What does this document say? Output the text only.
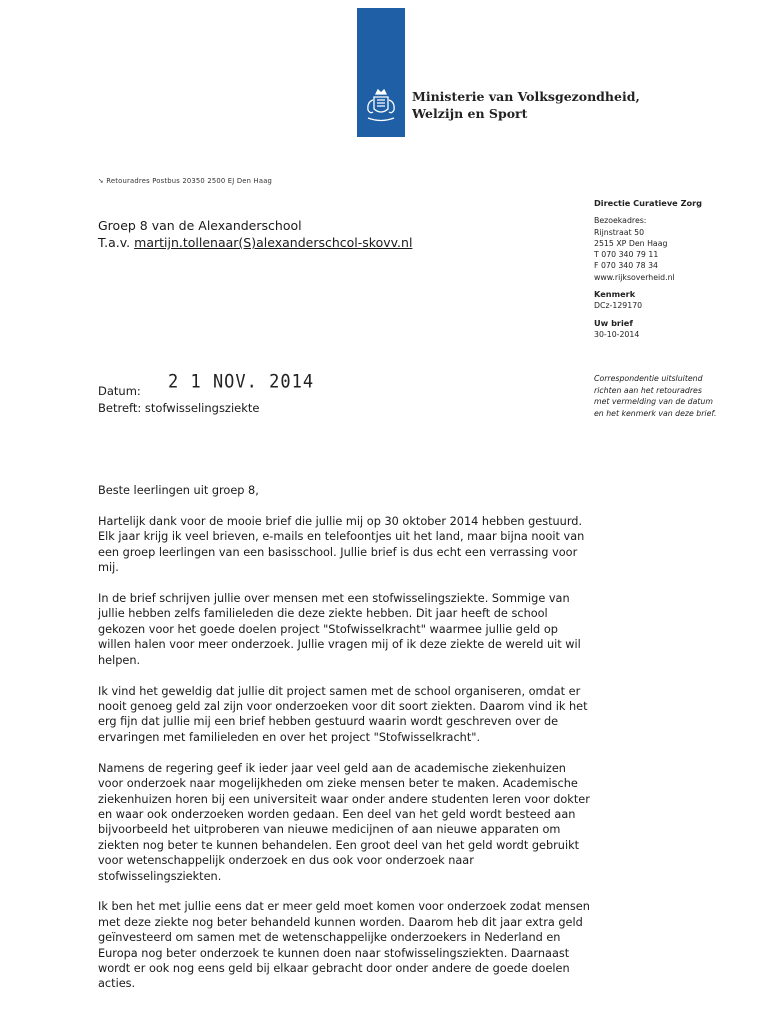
Ministerie van Volksgezondheid,
Welzijn en Sport
➘ Retouradres Postbus 20350 2500 EJ Den Haag
Groep 8 van de Alexanderschool
T.a.v. martijn.tollenaar(S)alexanderschcol-skovv.nl
Directie Curatieve Zorg
Bezoekadres:
Rijnstraat 50
2515 XP Den Haag
T 070 340 79 11
F 070 340 78 34
www.rijksoverheid.nl
Kenmerk
DCz-129170
Uw brief
30-10-2014
Correspondentie uitsluitend richten aan het retouradres met vermelding van de datum en het kenmerk van deze brief.
Datum:	2 1 NOV. 2014
Betreft: stofwisselingsziekte

Beste leerlingen uit groep 8,

Hartelijk dank voor de mooie brief die jullie mij op 30 oktober 2014 hebben gestuurd. Elk jaar krijg ik veel brieven, e-mails en telefoontjes uit het land, maar bijna nooit van een groep leerlingen van een basisschool. Jullie brief is dus echt een verrassing voor mij.

In de brief schrijven jullie over mensen met een stofwisselingsziekte. Sommige van jullie hebben zelfs familieleden die deze ziekte hebben. Dit jaar heeft de school gekozen voor het goede doelen project "Stofwisselkracht" waarmee jullie geld op willen halen voor meer onderzoek. Jullie vragen mij of ik deze ziekte de wereld uit wil helpen.

Ik vind het geweldig dat jullie dit project samen met de school organiseren, omdat er nooit genoeg geld zal zijn voor onderzoeken voor dit soort ziekten. Daarom vind ik het erg fijn dat jullie mij een brief hebben gestuurd waarin wordt geschreven over de ervaringen met familieleden en over het project "Stofwisselkracht".

Namens de regering geef ik ieder jaar veel geld aan de academische ziekenhuizen voor onderzoek naar mogelijkheden om zieke mensen beter te maken. Academische ziekenhuizen horen bij een universiteit waar onder andere studenten leren voor dokter en waar ook onderzoeken worden gedaan. Een deel van het geld wordt besteed aan bijvoorbeeld het uitproberen van nieuwe medicijnen of aan nieuwe apparaten om ziekten nog beter te kunnen behandelen. Een groot deel van het geld wordt gebruikt voor wetenschappelijk onderzoek en dus ook voor onderzoek naar stofwisselingsziekten.

Ik ben het met jullie eens dat er meer geld moet komen voor onderzoek zodat mensen met deze ziekte nog beter behandeld kunnen worden. Daarom heb dit jaar extra geld geïnvesteerd om samen met de wetenschappelijke onderzoekers in Nederland en Europa nog beter onderzoek te kunnen doen naar stofwisselingsziekten. Daarnaast wordt er ook nog eens geld bij elkaar gebracht door onder andere de goede doelen acties.
